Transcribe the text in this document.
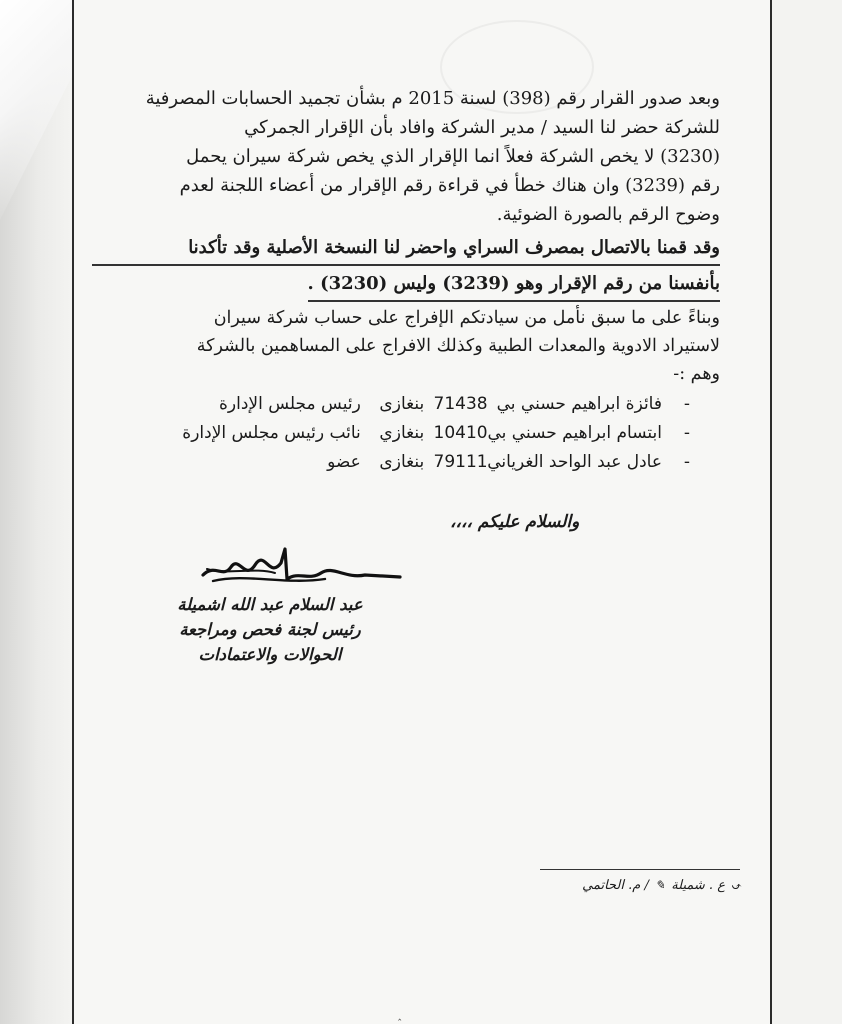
وبعد صدور القرار رقم (398) لسنة 2015 م بشأن تجميد الحسابات المصرفية

للشركة حضر لنا السيد / مدير الشركة وافاد بأن الإقرار الجمركي

(3230) لا يخص الشركة فعلاً انما الإقرار الذي يخص شركة سيران يحمل

رقم (3239) وان هناك خطأ في قراءة رقم الإقرار من أعضاء اللجنة لعدم

وضوح الرقم بالصورة الضوئية.

وقد قمنا بالاتصال بمصرف السراي واحضر لنا النسخة الأصلية وقد تأكدنا
بأنفسنا من رقم الإقرار وهو (3239) وليس (3230) .

وبناءً على ما سبق نأمل من سيادتكم الإفراج على حساب شركة سيران

لاستيراد الادوية والمعدات الطبية وكذلك الافراج على المساهمين بالشركة

وهم :-

-
فائزة ابراهيم حسني بي 71438 بنغازى رئيس مجلس الإدارة
-
ابتسام ابراهيم حسني بي 10410 بنغازي نائب رئيس مجلس الإدارة
-
عادل عبد الواحد الغرياني 79111 بنغازى عضو
والسلام عليكم ،،،،
عبد السلام عبد الله اشميلة
رئيس لجنة فحص ومراجعة
الحوالات والاعتمادات
↶ ع . شميلة ✎ / م. الحاتمي
‸
